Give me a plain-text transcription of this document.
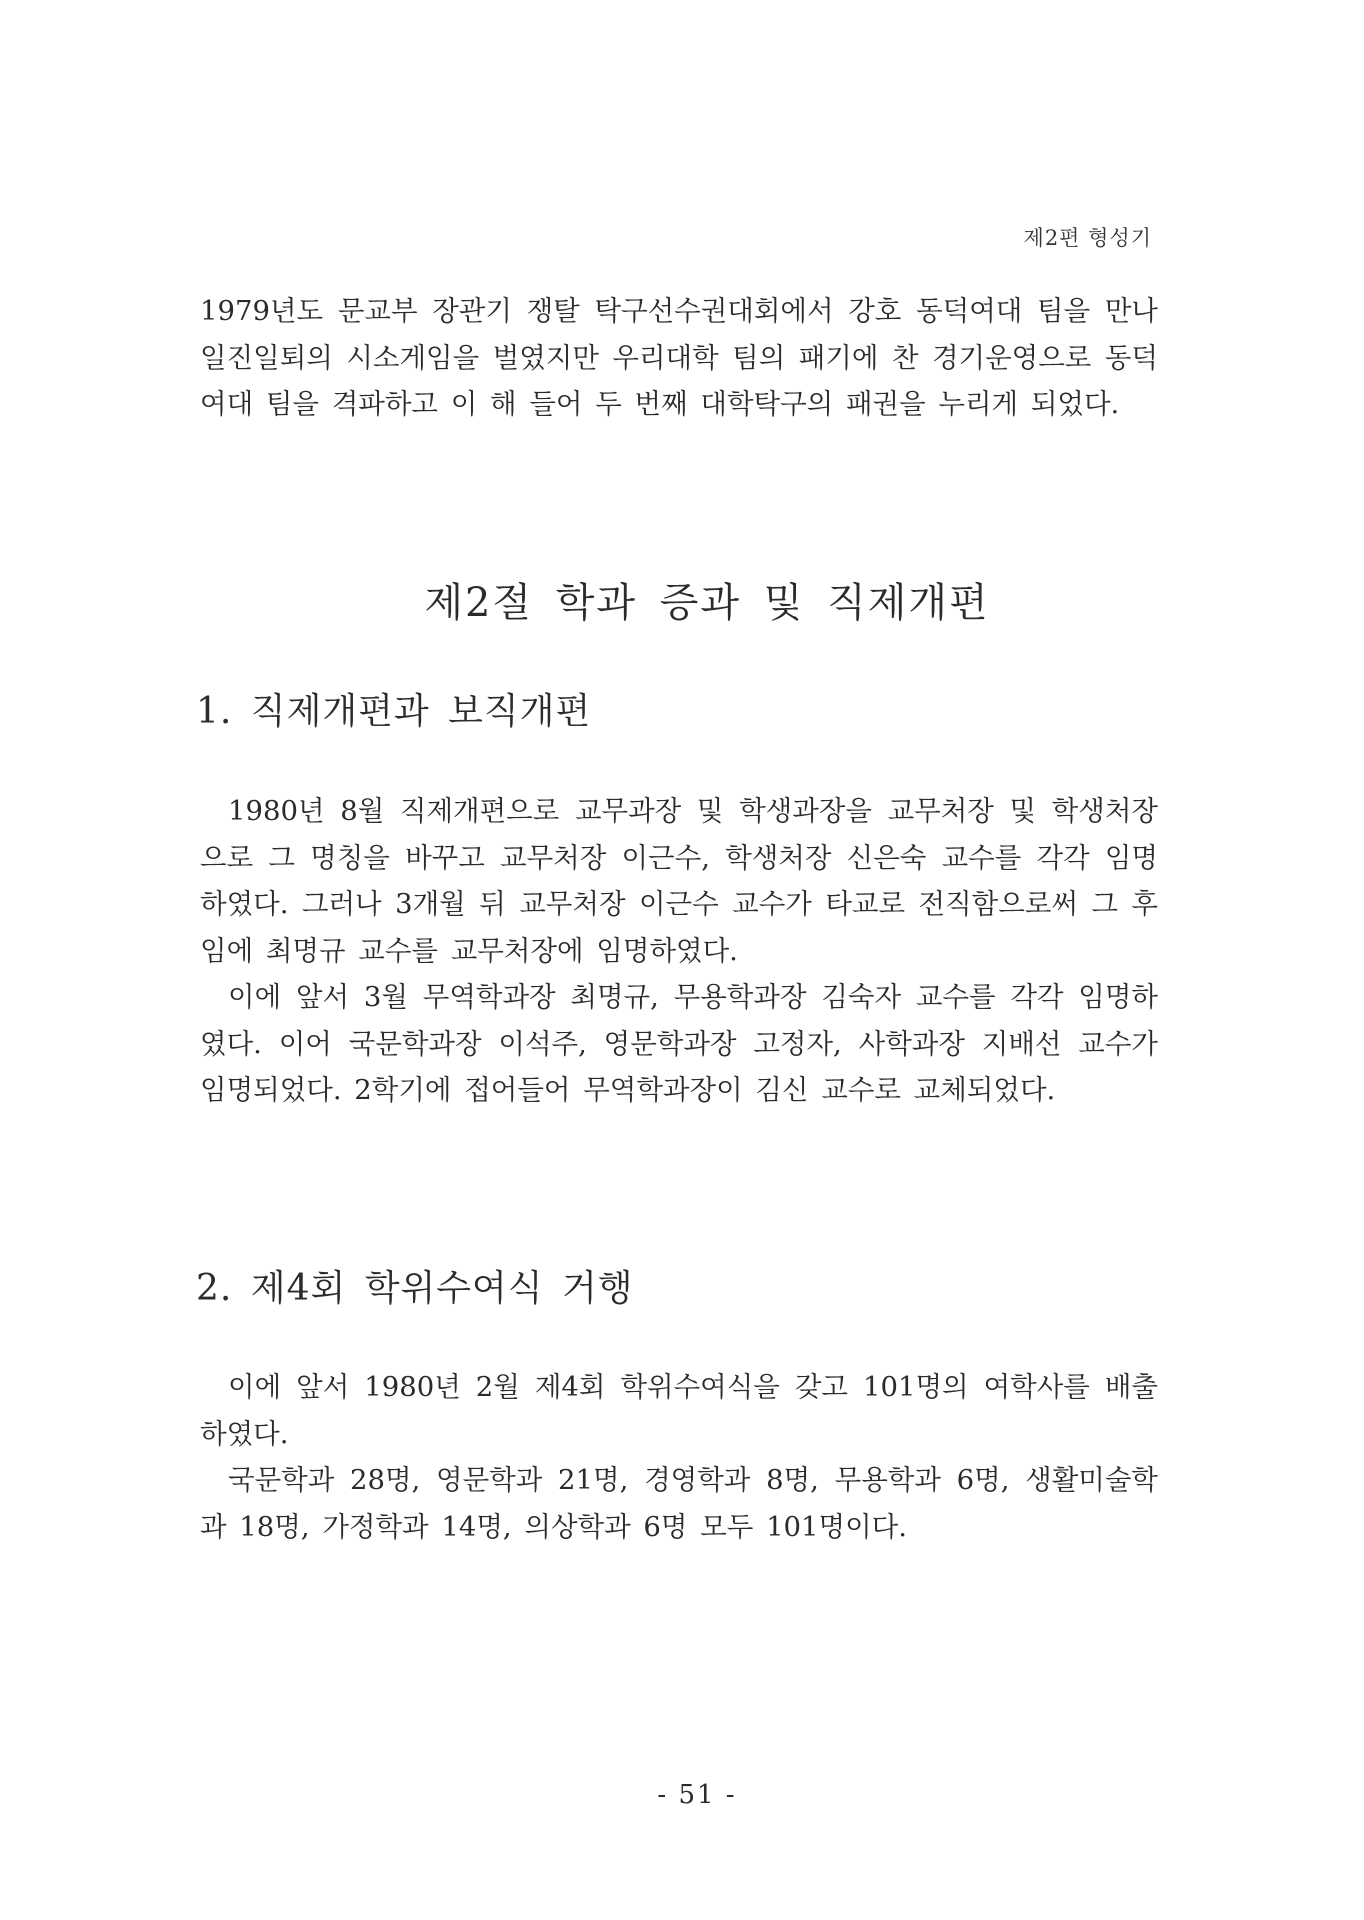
제2편 형성기
1979년도 문교부 장관기 쟁탈 탁구선수권대회에서 강호 동덕여대 팀을 만나 일진일퇴의 시소게임을 벌였지만 우리대학 팀의 패기에 찬 경기운영으로 동덕여대 팀을 격파하고 이 해 들어 두 번째 대학탁구의 패권을 누리게 되었다.
제2절 학과 증과 및 직제개편
1. 직제개편과 보직개편

1980년 8월 직제개편으로 교무과장 및 학생과장을 교무처장 및 학생처장으로 그 명칭을 바꾸고 교무처장 이근수, 학생처장 신은숙 교수를 각각 임명하였다. 그러나 3개월 뒤 교무처장 이근수 교수가 타교로 전직함으로써 그 후임에 최명규 교수를 교무처장에 임명하였다.

이에 앞서 3월 무역학과장 최명규, 무용학과장 김숙자 교수를 각각 임명하였다. 이어 국문학과장 이석주, 영문학과장 고정자, 사학과장 지배선 교수가 임명되었다. 2학기에 접어들어 무역학과장이 김신 교수로 교체되었다.

2. 제4회 학위수여식 거행

이에 앞서 1980년 2월 제4회 학위수여식을 갖고 101명의 여학사를 배출하였다.

국문학과 28명, 영문학과 21명, 경영학과 8명, 무용학과 6명, 생활미술학과 18명, 가정학과 14명, 의상학과 6명 모두 101명이다.

- 51 -
